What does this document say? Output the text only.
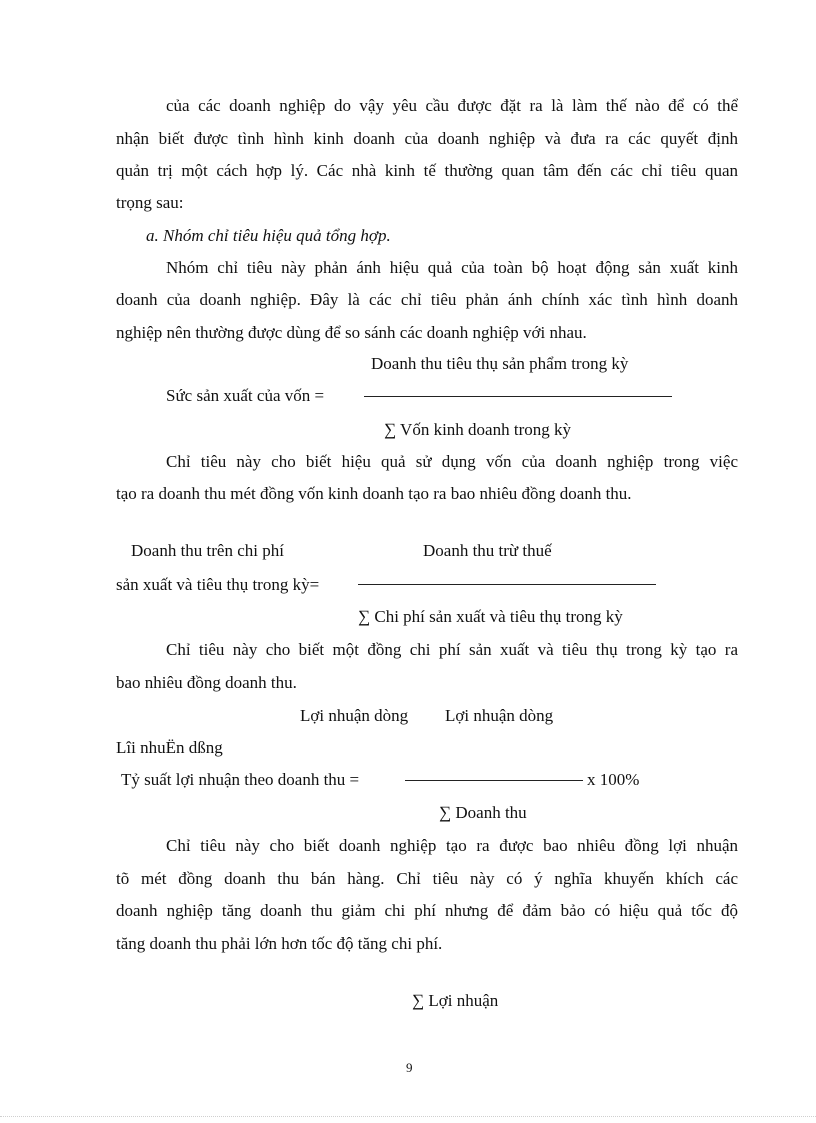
của các doanh nghiệp do vậy yêu cầu được đặt ra là làm thế nào để có thể
nhận biết được tình hình kinh doanh của doanh nghiệp và đưa ra các quyết định
quản trị một cách hợp lý. Các nhà kinh tế thường quan tâm đến các chỉ tiêu quan
trọng sau:
a. Nhóm chỉ tiêu hiệu quả tổng hợp.
Nhóm chỉ tiêu này phản ánh hiệu quả của toàn bộ hoạt động sản xuất kinh
doanh của doanh nghiệp. Đây là các chỉ tiêu phản ánh chính xác tình hình doanh
nghiệp nên thường được dùng để so sánh các doanh nghiệp với nhau.
Doanh thu tiêu thụ sản phẩm trong kỳ
Sức sản xuất của vốn =
∑ Vốn kinh doanh trong kỳ
Chỉ tiêu này cho biết hiệu quả sử dụng vốn của doanh nghiệp trong việc
tạo ra doanh thu mét đồng vốn kinh doanh tạo ra bao nhiêu đồng doanh thu.
Doanh thu trên chi phí	Doanh thu trừ thuế
sản xuất và tiêu thụ trong kỳ=
∑ Chi phí sản xuất và tiêu thụ trong kỳ
Chỉ tiêu này cho biết một đồng chi phí sản xuất và tiêu thụ trong kỳ tạo ra
bao nhiêu đồng doanh thu.
Lợi nhuận dòng Lợi nhuận dòng
Lîi nhuËn dßng
Tỷ suất lợi nhuận theo doanh thu =	x 100%
∑ Doanh thu
Chỉ tiêu này cho biết doanh nghiệp tạo ra được bao nhiêu đồng lợi nhuận
tõ mét đồng doanh thu bán hàng. Chỉ tiêu này có ý nghĩa khuyến khích các
doanh nghiệp tăng doanh thu giảm chi phí nhưng để đảm bảo có hiệu quả tốc độ
tăng doanh thu phải lớn hơn tốc độ tăng chi phí.
∑ Lợi nhuận
9
